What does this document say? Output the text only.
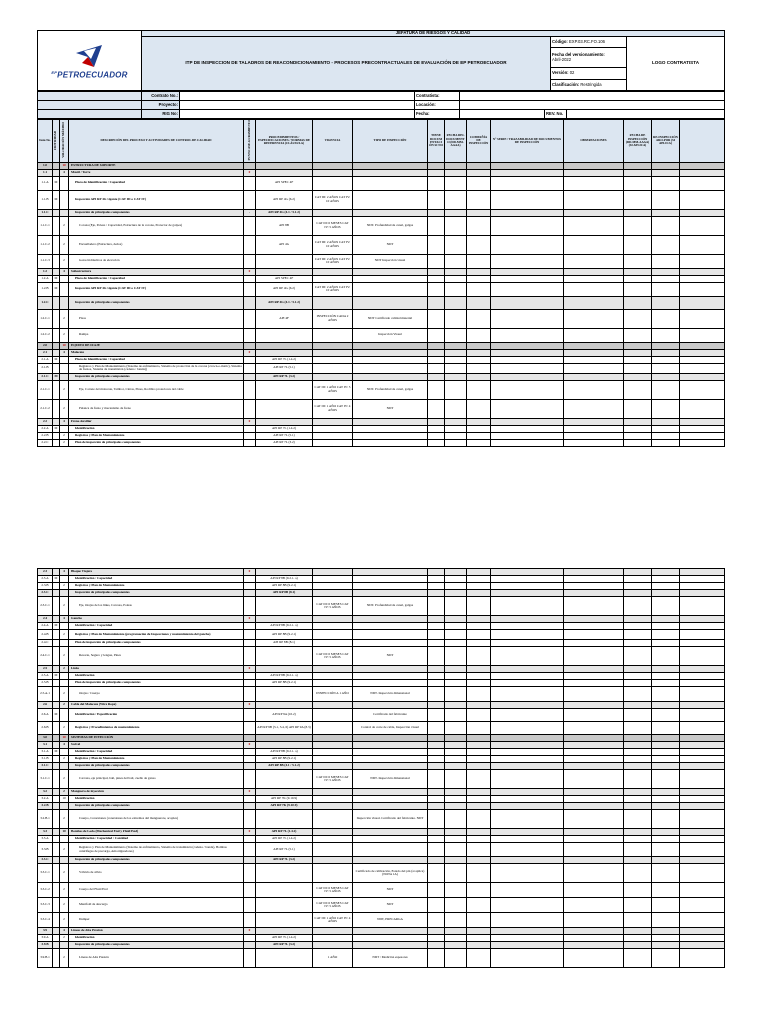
$^{EP}$PETROECUADOR	JEFATURA DE RIESGOS Y CALIDAD		
	ITP DE INSPECCION DE TALADROS DE REACONDICIONAMIENTO - PROCESOS PRECONTRACTUALES DE EVALUACIÓN DE EP PETROECUADOR	Código: EXP.03.RC.FO.106	LOGO CONTRATISTA
		Fecha del versionamiento:
Abril-2022	
		Versión: 02	
		Clasificación: Restringida	
	Contrato No.:		Contratista:			
	Proyecto:		Locación:			
	RIG No:		Fecha:		REV. No.	
Item No.	CRITICIDAD	VALORACIÓN MÁXIMO	DESCRIPCIÓN DEL PROCESO Y ACTIVIDADES DE CONTROL DE CALIDAD	PUNTO ASE-GURAMIENTO	PROCEDIMIENTOS / ESPECIFICACIONES / NORMAS DE REFERENCIA (CLÁUSULA)	VIGENCIA	TIPO DE INSPECCIÓN	TIENE DOCUMENTACIÓN SI NO	FECHA DEL DOCUMENTO (DD-MM-AAAA)	COMPAÑÍA DE INSPECCIÓN	N° SERIE / TRAZABILIDAD DE DOCUMENTOS DE INSPECCIÓN	OBSERVACIONES	FECHA DE INSPECCIÓN (DD-MM-AAAA) (SI APLICA)	RE-INSPECCIÓN ARO-POR (SI APLICA)	
1.0		10	ESTRUCTURA DE SOPORTE												
1.1		4	Mástil / Torre	0											
1.1.A	M		Placa de Identificación / Capacidad		API SPEC 4F										
1.1.B	M		Inspección API RP 4G vigente (CAT III o CAT IV)		API RP 4G (6.2)	CAT III: 2 AÑOS CAT IV: 10 AÑOS									
1.1.C			Inspección de principales componentes	-	API RP 4G (4.1 / 5.1.2)										
1.1.C.1		2	Corona (Eje, Poleas / Capacidad, Estructura de la corona, Protector de golpes)		API 8B	CAT III: 6 MESES CAT IV: 5 AÑOS	NDT. Profundidad de canal, galgas								
1.1.C.2		2	Encuelladero (Estructura, dedos)		API 4G	CAT III: 2 AÑOS CAT IV: 10 AÑOS	NDT								
1.1.C.3		2	Gatos hidráulicos de elevación			CAT III: 2 AÑOS CAT IV: 10 AÑOS	NDT Inspección visual								
1.2		4	Subestructura	0											
1.2.A	M		Placa de Identificación / Capacidad		API SPEC 4F										
1.2.B	M		Inspección API RP 4G vigente (CAT III o CAT IV)		API RP 4G (6.2)	CAT III: 2 AÑOS CAT IV: 10 AÑOS									
1.2.C			Inspección de principales componentes		API RP 4G (4.1 / 5.1.2)										
1.2.C.1		2	Pisos		API 4F	INSPECCIÓN CADA 2 AÑOS	NDT Certificado calidad material								
1.2.C.2		2	Rampa				Inspección Visual								
2.0		10	EQUIPO DE IZAJE												
2.1		4	Malacate	0											
2.1.A	M		Placa de Identificación / Capacidad		API RP 7L (1.4.2)										
2.1.B			Registros y Plan de Mantenimiento (Sistema de enfriamiento, Sistema de protección de la corona (crown-o-matic), Sistema de frenos, Sistema de transmisión (cadena / banda))		API RP 7L (5.1)										
2.1.C	M		Inspección de principales componentes		API RP 7L (3.2)										
2.1.C.1		2	Eje, Carrete del malacate, Tambor, Cintas, Pines, Rodillos protectores del cable			CAT III: 1 AÑO CAT IV: 5 AÑOS	NDT. Profundidad de canal, galgas								
2.1.C.2		2	Palanca de freno y mecanismo de freno			CAT III: 1 AÑO CAT IV: 4 AÑOS	NDT								
2.2		4	Freno Auxiliar	0											
2.2.A	M		Identificación		API RP 7L (1.4.2)										
2.2.B		2	Registros y Plan de Mantenimiento		API RP 7L (5.1)										
2.2.C		2	Plan de inspección de principales componentes		API RP 7L (3.2)										
2.3		4	Bloque Viajero	0											
2.3.A	M		Identificación / Capacidad		API RP 8B (9.2.1. a)										
2.3.B		2	Registros y Plan de Mantenimiento		API RP 8B (9.2.1)										
2.3.C			Inspección de principales componentes		API RP 8B (8.1)										
2.3.C.1		2	Eje, Orejas de los links, Carcasa, Poleas			CAT III: 6 MESES CAT IV: 5 AÑOS	NDT. Profundidad de canal, galgas								
2.4		4	Gancho	0											
2.4.A	M		Identificación / Capacidad		API RP 8B (9.2.1. a)										
2.4.B		2	Registros y Plan de Mantenimiento (programación de Inspecciones y mantenimiento del gancho)		API RP 8B (9.2.1)										
2.4.C			Plan de inspección de principales componentes		API RP 8B (8.1)										
2.4.C.1		2	Resorte, Seguro y lengua, Pines			CAT III: 6 MESES CAT IV: 5 AÑOS	NDT								
2.5		2	Links	0											
2.5.A	M		Identificación		API RP 8B (9.2.1. a)										
2.5.B			Plan de inspección de principales componentes		API RP 8B (9.2.1)										
2.5.A.1		2	Orejas / Cuerpo			INSPECCIÓN A 1 AÑO	NDT. Inspección dimensional								
2.6		2	Cable del Malacate (Wire Rope)	0											
2.6.A	M		Identificación / Especificación		API RP 9A (10.2)		Certificado del fabricante								
2.6.B		2	Registros y Procedimientos de mantenimiento		API RP 9B (3.1, 3.4, 6) API RP 9A (8.3)		Control de corte de cable, Inspección visual								
3.0		10	SISTEMAS DE INYECCIÓN												
3.1		4	Swivel	0											
3.1.A	M		Identificación / Capacidad		API RP 8B (9.2.1. a)										
3.1.B		2	Registros y Plan de Mantenimiento		API RP 8B (9.2.1)										
3.1.C			Inspección de principales componentes		API RP 8B (4.1 / 5.1.2)										
3.1.C.1		2	Carcaza, eje principal, bail, pines del bail, cuello de ganso			CAT III: 6 MESES CAT IV: 5 AÑOS	NDT. Inspección dimensional								
3.2		2	Manguera de inyección	0											
3.2.A		10	Identificación		API RP 7K (9.10.9)										
3.2.B			Inspección de principales componentes		API RP 7K (9.10.9)										
3.2.B.1		2	Cuerpo, Conexiones (conexiones de los extremos del manguerote, acoples)				Inspección visual. Certificado del fabricante. NDT								
3.3		10	Bombas de Lodo (Mechanical End y Fluid End)	0	API RP 7L (1.4.2)										
3.3.A			Identificación / Capacidad / Cantidad		API RP 7L (1.4.2)										
3.3.B		2	Registros y Plan de Mantenimiento (Sistema de enfriamiento, Sistema de transmisión (cadena / banda), Bombas centrífugas de precarga, Amortiguadores)		API RP 7L (5.1)										
3.3.C			Inspección de principales componentes		API RP 7L (3.2)										
3.3.C.1		2	Válvula de alivio				Certificado de calibración, Estado del pin (si aplica) (NOTA 1A)								
3.3.C.2		2	Cuerpo del Fluid End			CAT III: 6 MESES CAT IV: 5 AÑOS	NDT								
3.3.C.3		2	Manifold de descarga			CAT III: 6 MESES CAT IV: 5 AÑOS	NDT								
3.3.C.4		2	Damper			CAT III: 1 AÑO CAT IV: 4 AÑOS	NDT, PRECARGA								
3.9		4	Líneas de Alta Presión	0											
3.9.A		2	Identificación		API RP 7L (1.4.2)										
3.9.B			Inspección de principales componentes		API RP 7L (3.2)										
3.9.B.1		2	Líneas de Alta Presión			1 AÑO	NDT / Medición espesores								
